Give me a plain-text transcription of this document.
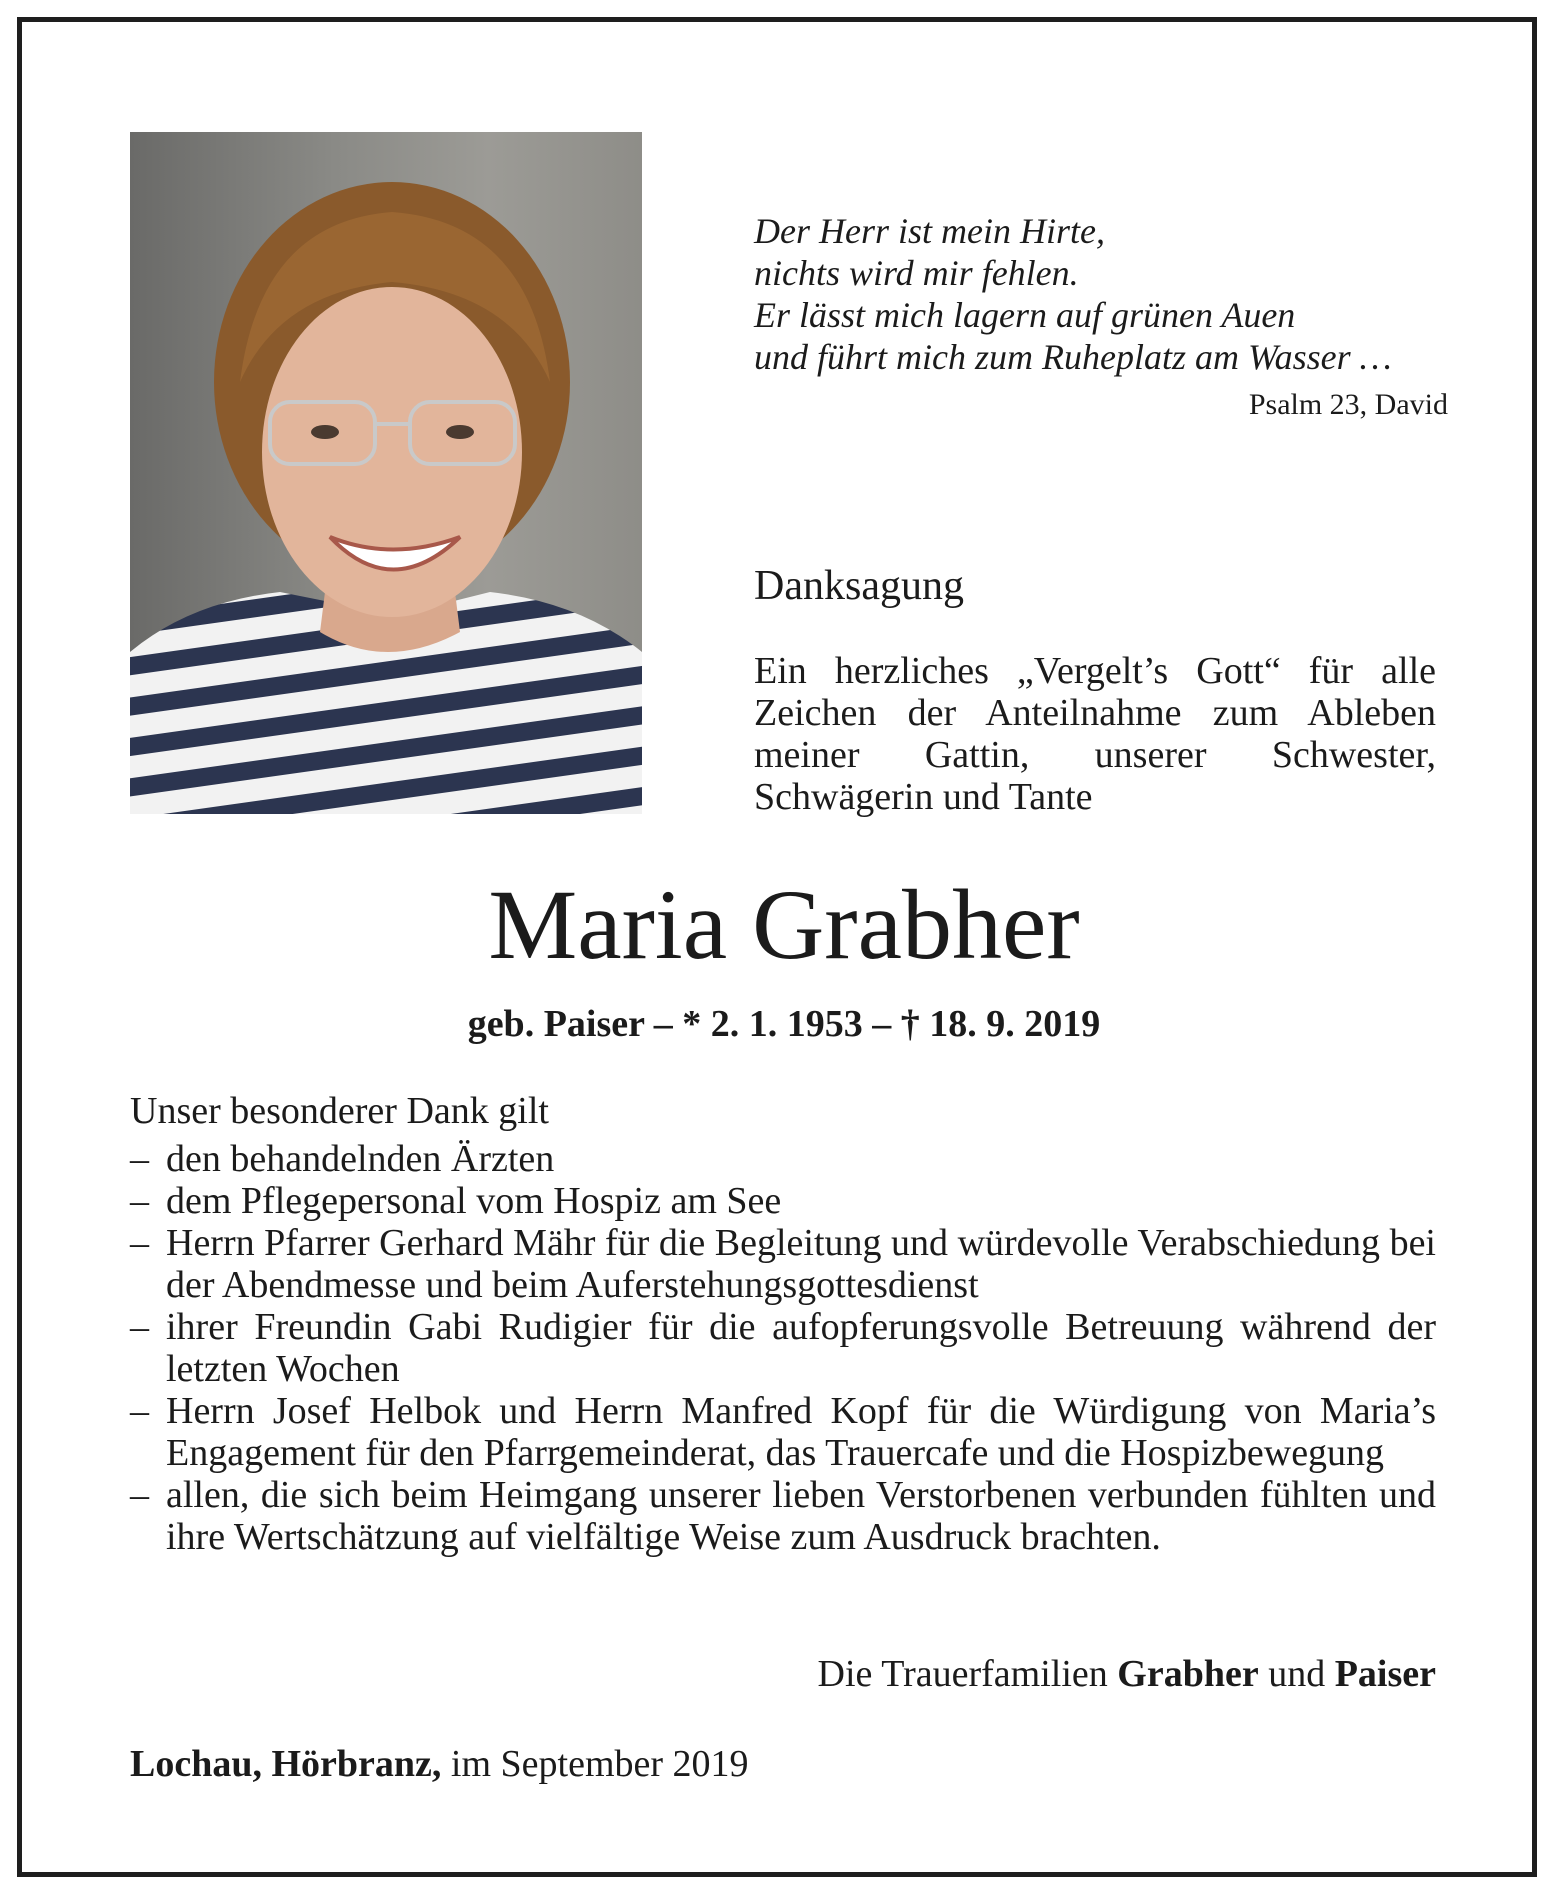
Der Herr ist mein Hirte,
nichts wird mir fehlen.
Er lässt mich lagern auf grünen Auen
und führt mich zum Ruheplatz am Wasser …
Psalm 23, David
Danksagung
Ein herzliches „Vergelt’s Gott“ für alle Zeichen der Anteilnahme zum Ableben meiner Gattin, unserer Schwester, Schwägerin und Tante
Maria Grabher
geb. Paiser – * 2. 1. 1953 – † 18. 9. 2019
Unser besonderer Dank gilt
– den behandelnden Ärzten
– dem Pflegepersonal vom Hospiz am See
– Herrn Pfarrer Gerhard Mähr für die Begleitung und würdevolle Verabschiedung bei der Abendmesse und beim Auferstehungsgottesdienst
– ihrer Freundin Gabi Rudigier für die aufopferungsvolle Betreuung während der letzten Wochen
– Herrn Josef Helbok und Herrn Manfred Kopf für die Würdigung von Maria’s Engagement für den Pfarrgemeinderat, das Trauercafe und die Hospizbewegung
– allen, die sich beim Heimgang unserer lieben Verstorbenen verbunden fühlten und ihre Wertschätzung auf vielfältige Weise zum Ausdruck brachten.
Die Trauerfamilien Grabher und Paiser
Lochau, Hörbranz, im September 2019
